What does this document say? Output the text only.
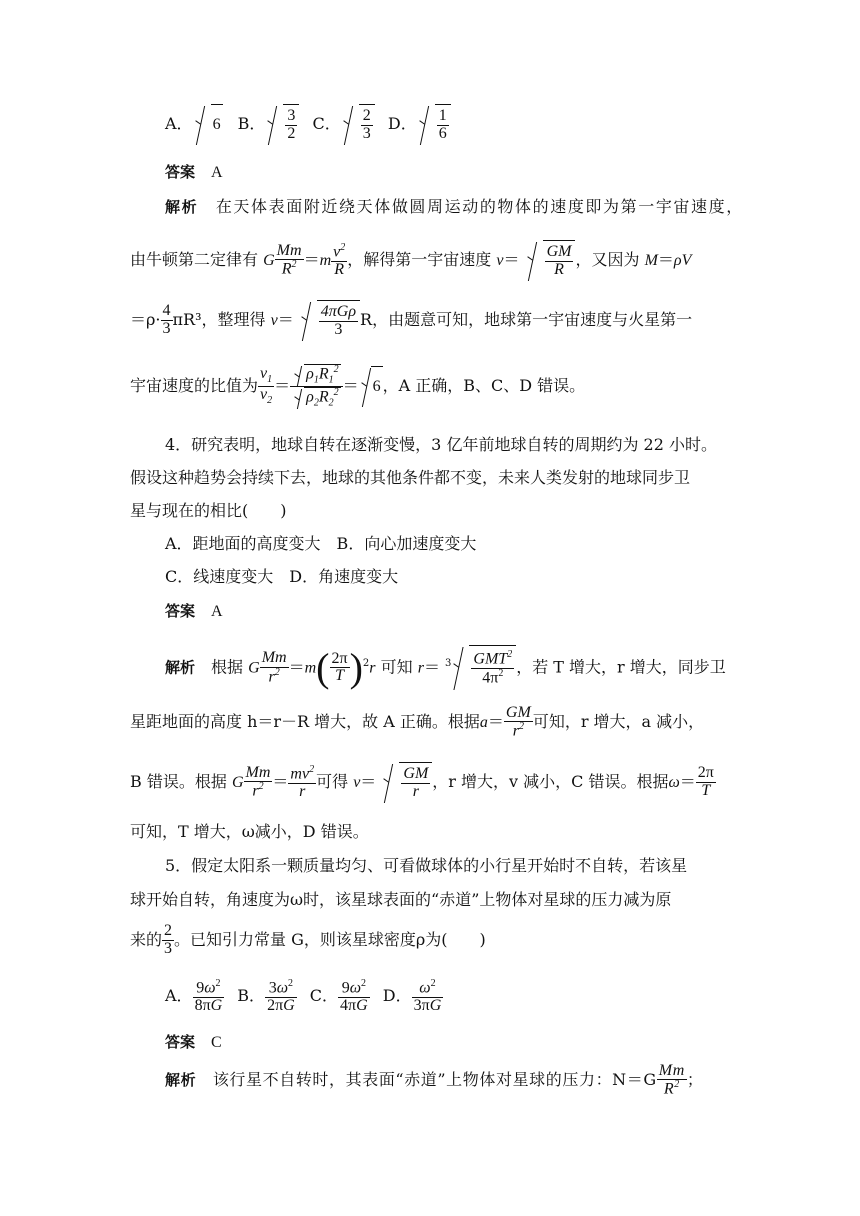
A． 6 B． $\frac{3}{2}$ C． $\frac{2}{3}$ D． $\frac{1}{6}$
答案　 A
解析　 在天体表面附近绕天体做圆周运动的物体的速度即为第一宇宙速度，
由牛顿第二定律有 G $\frac{Mm}{R^2} =m \frac{v^2}{R}$ ，解得第一宇宙速度 $v= \frac{GM}{R}$ ，又因为 M＝ρV
$=\rho\cdot \frac{4}{3} \pi R^3$，整理得 $v= \frac{\text{4πGρ}}{3}$ R，由题意可知，地球第一宇宙速度与火星第一
宇宙速度的比值为 $\frac{v_1}{v_2} = \frac{\rho_1R_1^2}{\rho_2R_2^2} = 6$ ，A 正确，B、C、D 错误。
4．研究表明，地球自转在逐渐变慢，3 亿年前地球自转的周期约为 22 小时。
假设这种趋势会持续下去，地球的其他条件都不变，未来人类发射的地球同步卫
星与现在的相比(　　)
A．距地面的高度变大　B．向心加速度变大
C．线速度变大　D．角速度变大
答案　 A
解析　 根据 G $\frac{Mm}{r^2} =m( \frac{2\pi}{T} )^2r$ 可知 $r= ^3 \frac{GMT^2}{4\pi^2}$ ，若 T 增大，r 增大，同步卫
星距地面的高度 h＝r－R 增大，故 A 正确。根据$a= \frac{GM}{r^2}$ 可知，r 增大，a 减小，
B 错误。根据 G $\frac{Mm}{r^2} = \frac{mv^2}{r}$ 可得 $v= \frac{GM}{r}$ ，r 增大，v 减小，C 错误。根据$\omega= \frac{2\pi}{T}$
可知，T 增大，ω减小，D 错误。
5．假定太阳系一颗质量均匀、可看做球体的小行星开始时不自转，若该星
球开始自转，角速度为ω时，该星球表面的“赤道”上物体对星球的压力减为原
来的 $\frac{2}{3}$ 。已知引力常量 G，则该星球密度ρ为(　　)
A． $\frac{9\omega^2}{8\pi G}$ B． $\frac{3\omega^2}{2\pi G}$ C． $\frac{9\omega^2}{4\pi G}$ D． $\frac{\omega^2}{3\pi G}$
答案　 C
解析　 该行星不自转时，其表面“赤道”上物体对星球的压力：$N=G \frac{Mm}{R^2}$ ；
